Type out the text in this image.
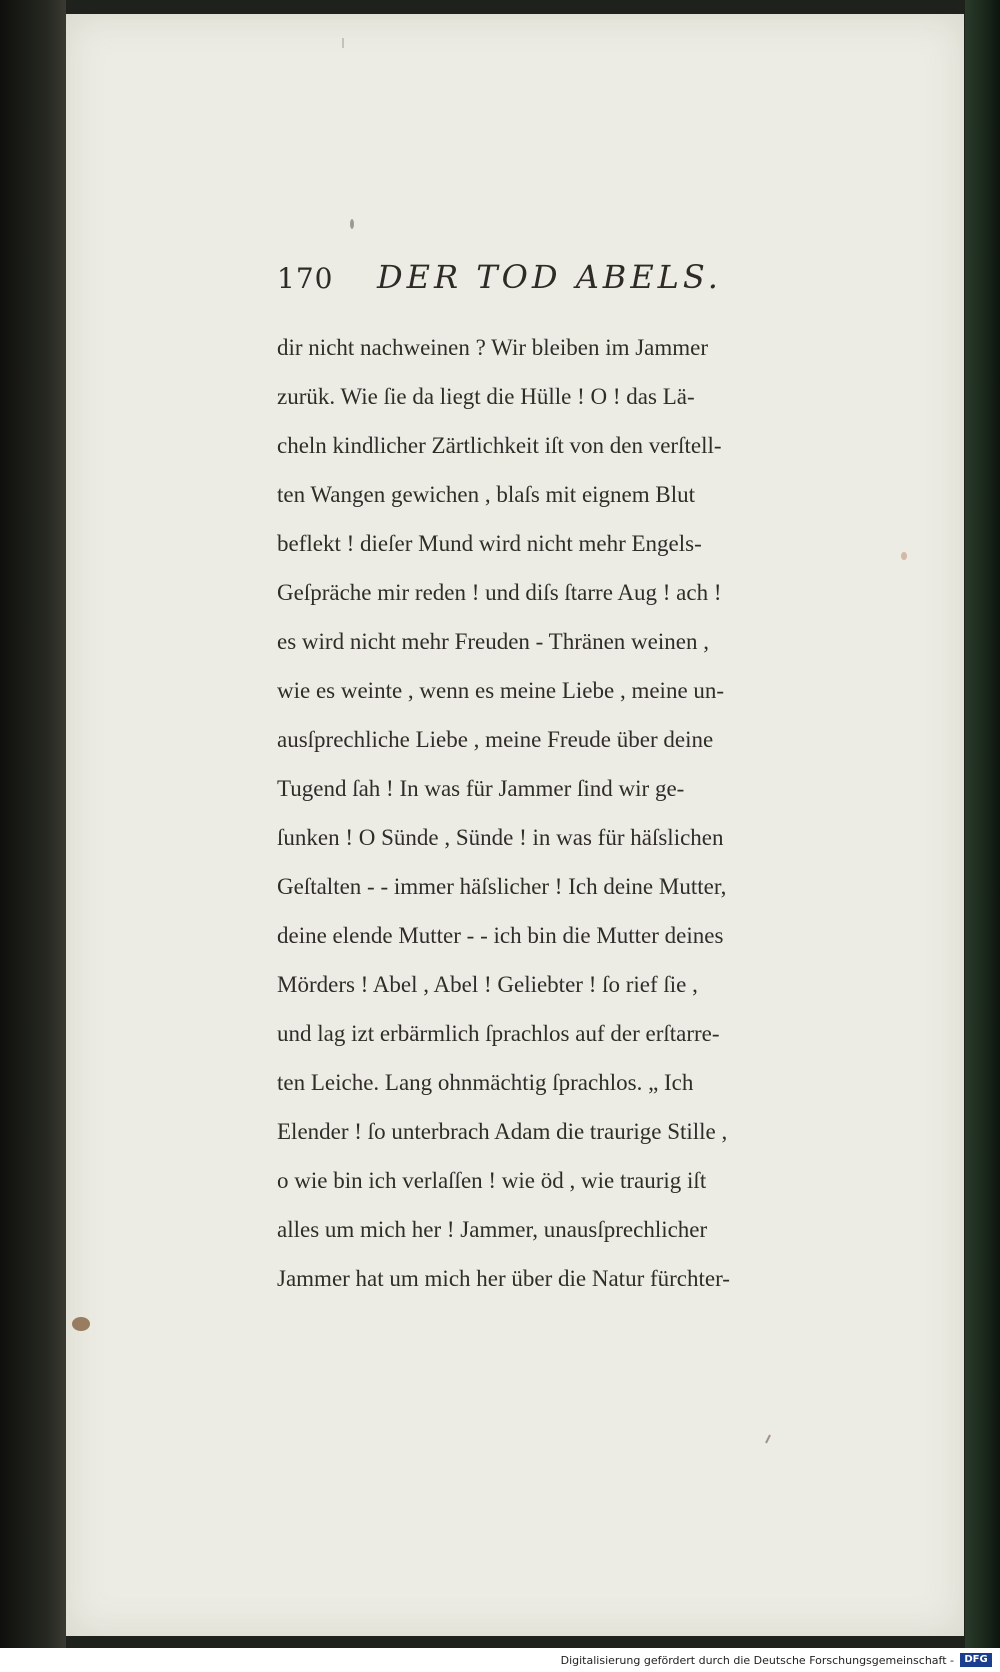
170 DER TOD ABELS.
dir nicht nachweinen ? Wir bleiben im Jammer
zurük. Wie ſie da liegt die Hülle ! O ! das Lä-
cheln kindlicher Zärtlichkeit iſt von den verſtell-
ten Wangen gewichen , blaſs mit eignem Blut
beflekt ! dieſer Mund wird nicht mehr Engels-
Geſpräche mir reden ! und diſs ſtarre Aug ! ach !
es wird nicht mehr Freuden - Thränen weinen ,
wie es weinte , wenn es meine Liebe , meine un-
ausſprechliche Liebe , meine Freude über deine
Tugend ſah ! In was für Jammer ſind wir ge-
ſunken ! O Sünde , Sünde ! in was für häſslichen
Geſtalten - - immer häſslicher ! Ich deine Mutter,
deine elende Mutter - - ich bin die Mutter deines
Mörders ! Abel , Abel ! Geliebter ! ſo rief ſie ,
und lag izt erbärmlich ſprachlos auf der erſtarre-
ten Leiche. Lang ohnmächtig ſprachlos. „ Ich
Elender ! ſo unterbrach Adam die traurige Stille ,
o wie bin ich verlaſſen ! wie öd , wie traurig iſt
alles um mich her ! Jammer, unausſprechlicher
Jammer hat um mich her über die Natur fürchter-
Digitalisierung gefördert durch die Deutsche Forschungsgemeinschaft -	DFG
